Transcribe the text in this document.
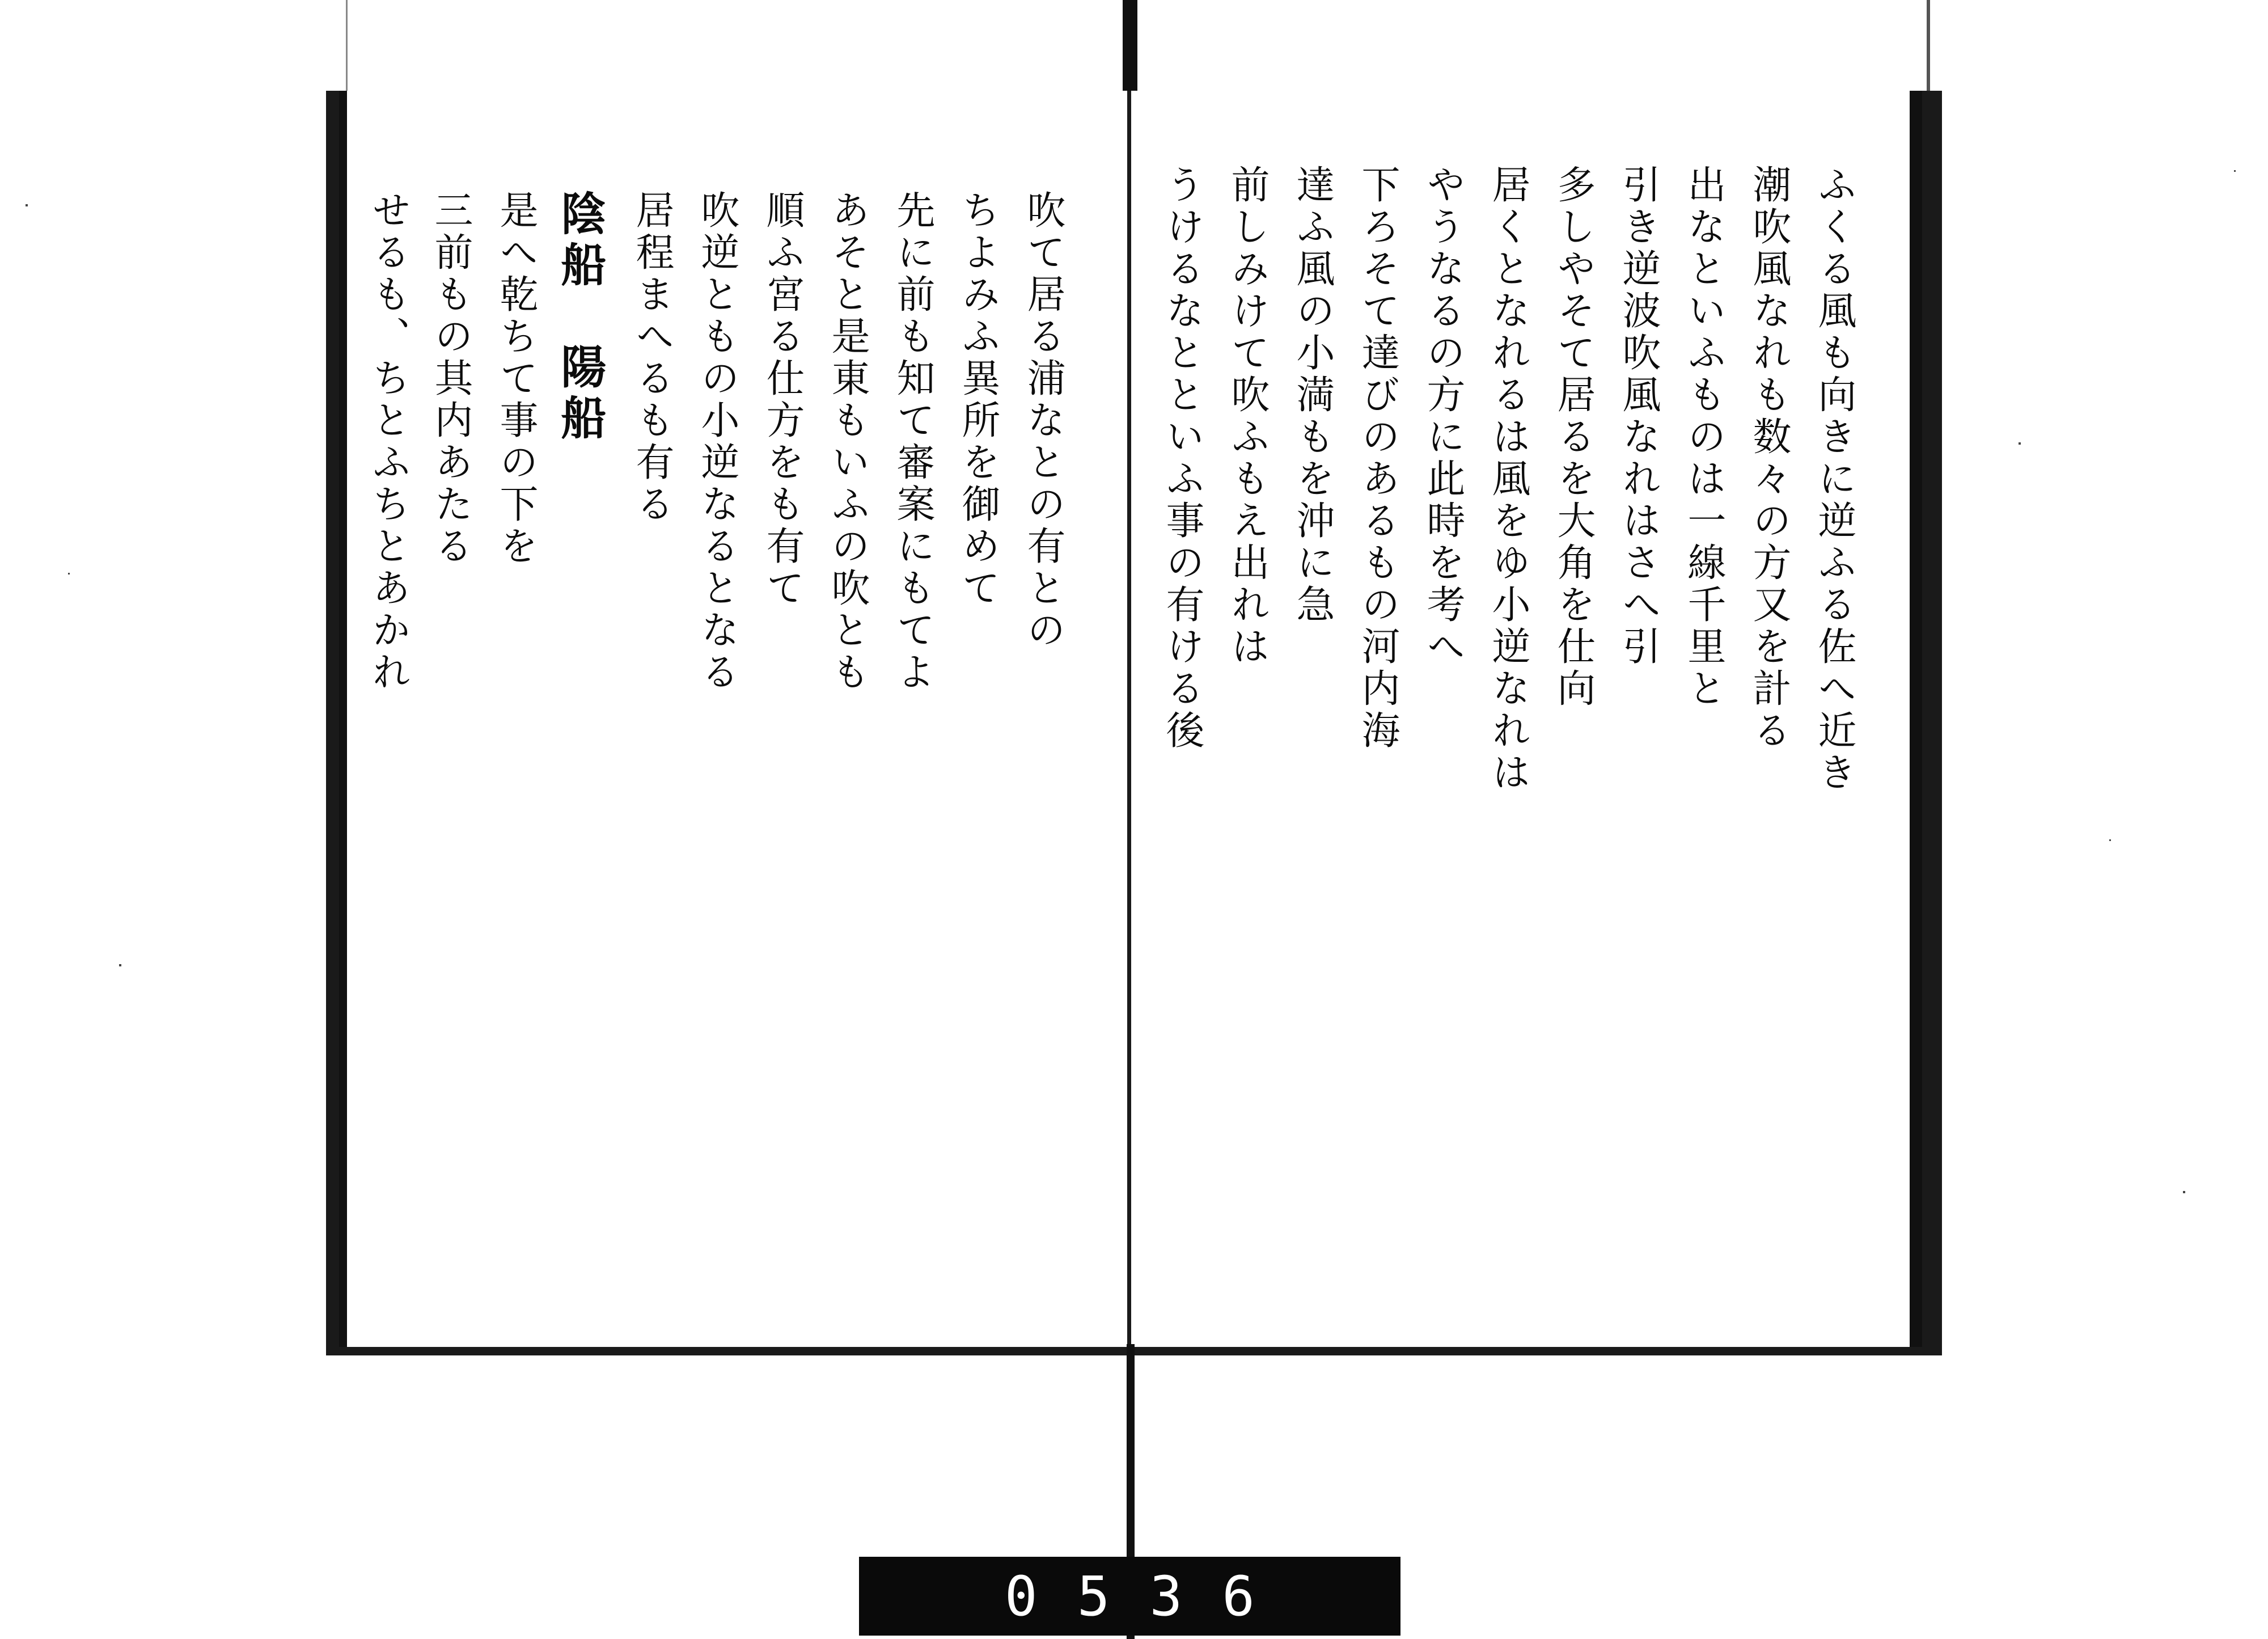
吹て居る浦なとの有との
ちよみふ異所を御めて
先に前も知て審案にもてよ
あそと是東もいふの吹とも
順ふ宮る仕方をも有て
吹逆ともの小逆なるとなる
居程まへるも有る
陰船　陽船
是へ乾ちて事の下を
三前もの其内あたる
せるも、ちとふちとあかれ	ふくる風も向きに逆ふる佐へ近き
潮吹風なれも数々の方又を計る
出なといふものは一線千里と
引き逆波吹風なれはさへ引
多しやそて居るを大角を仕向
居くとなれるは風をゆ小逆なれは
やうなるの方に此時を考へ
下ろそて達びのあるもの河内海
達ふ風の小満もを沖に急
前しみけて吹ふもえ出れは
うけるなとといふ事の有ける後
0536
